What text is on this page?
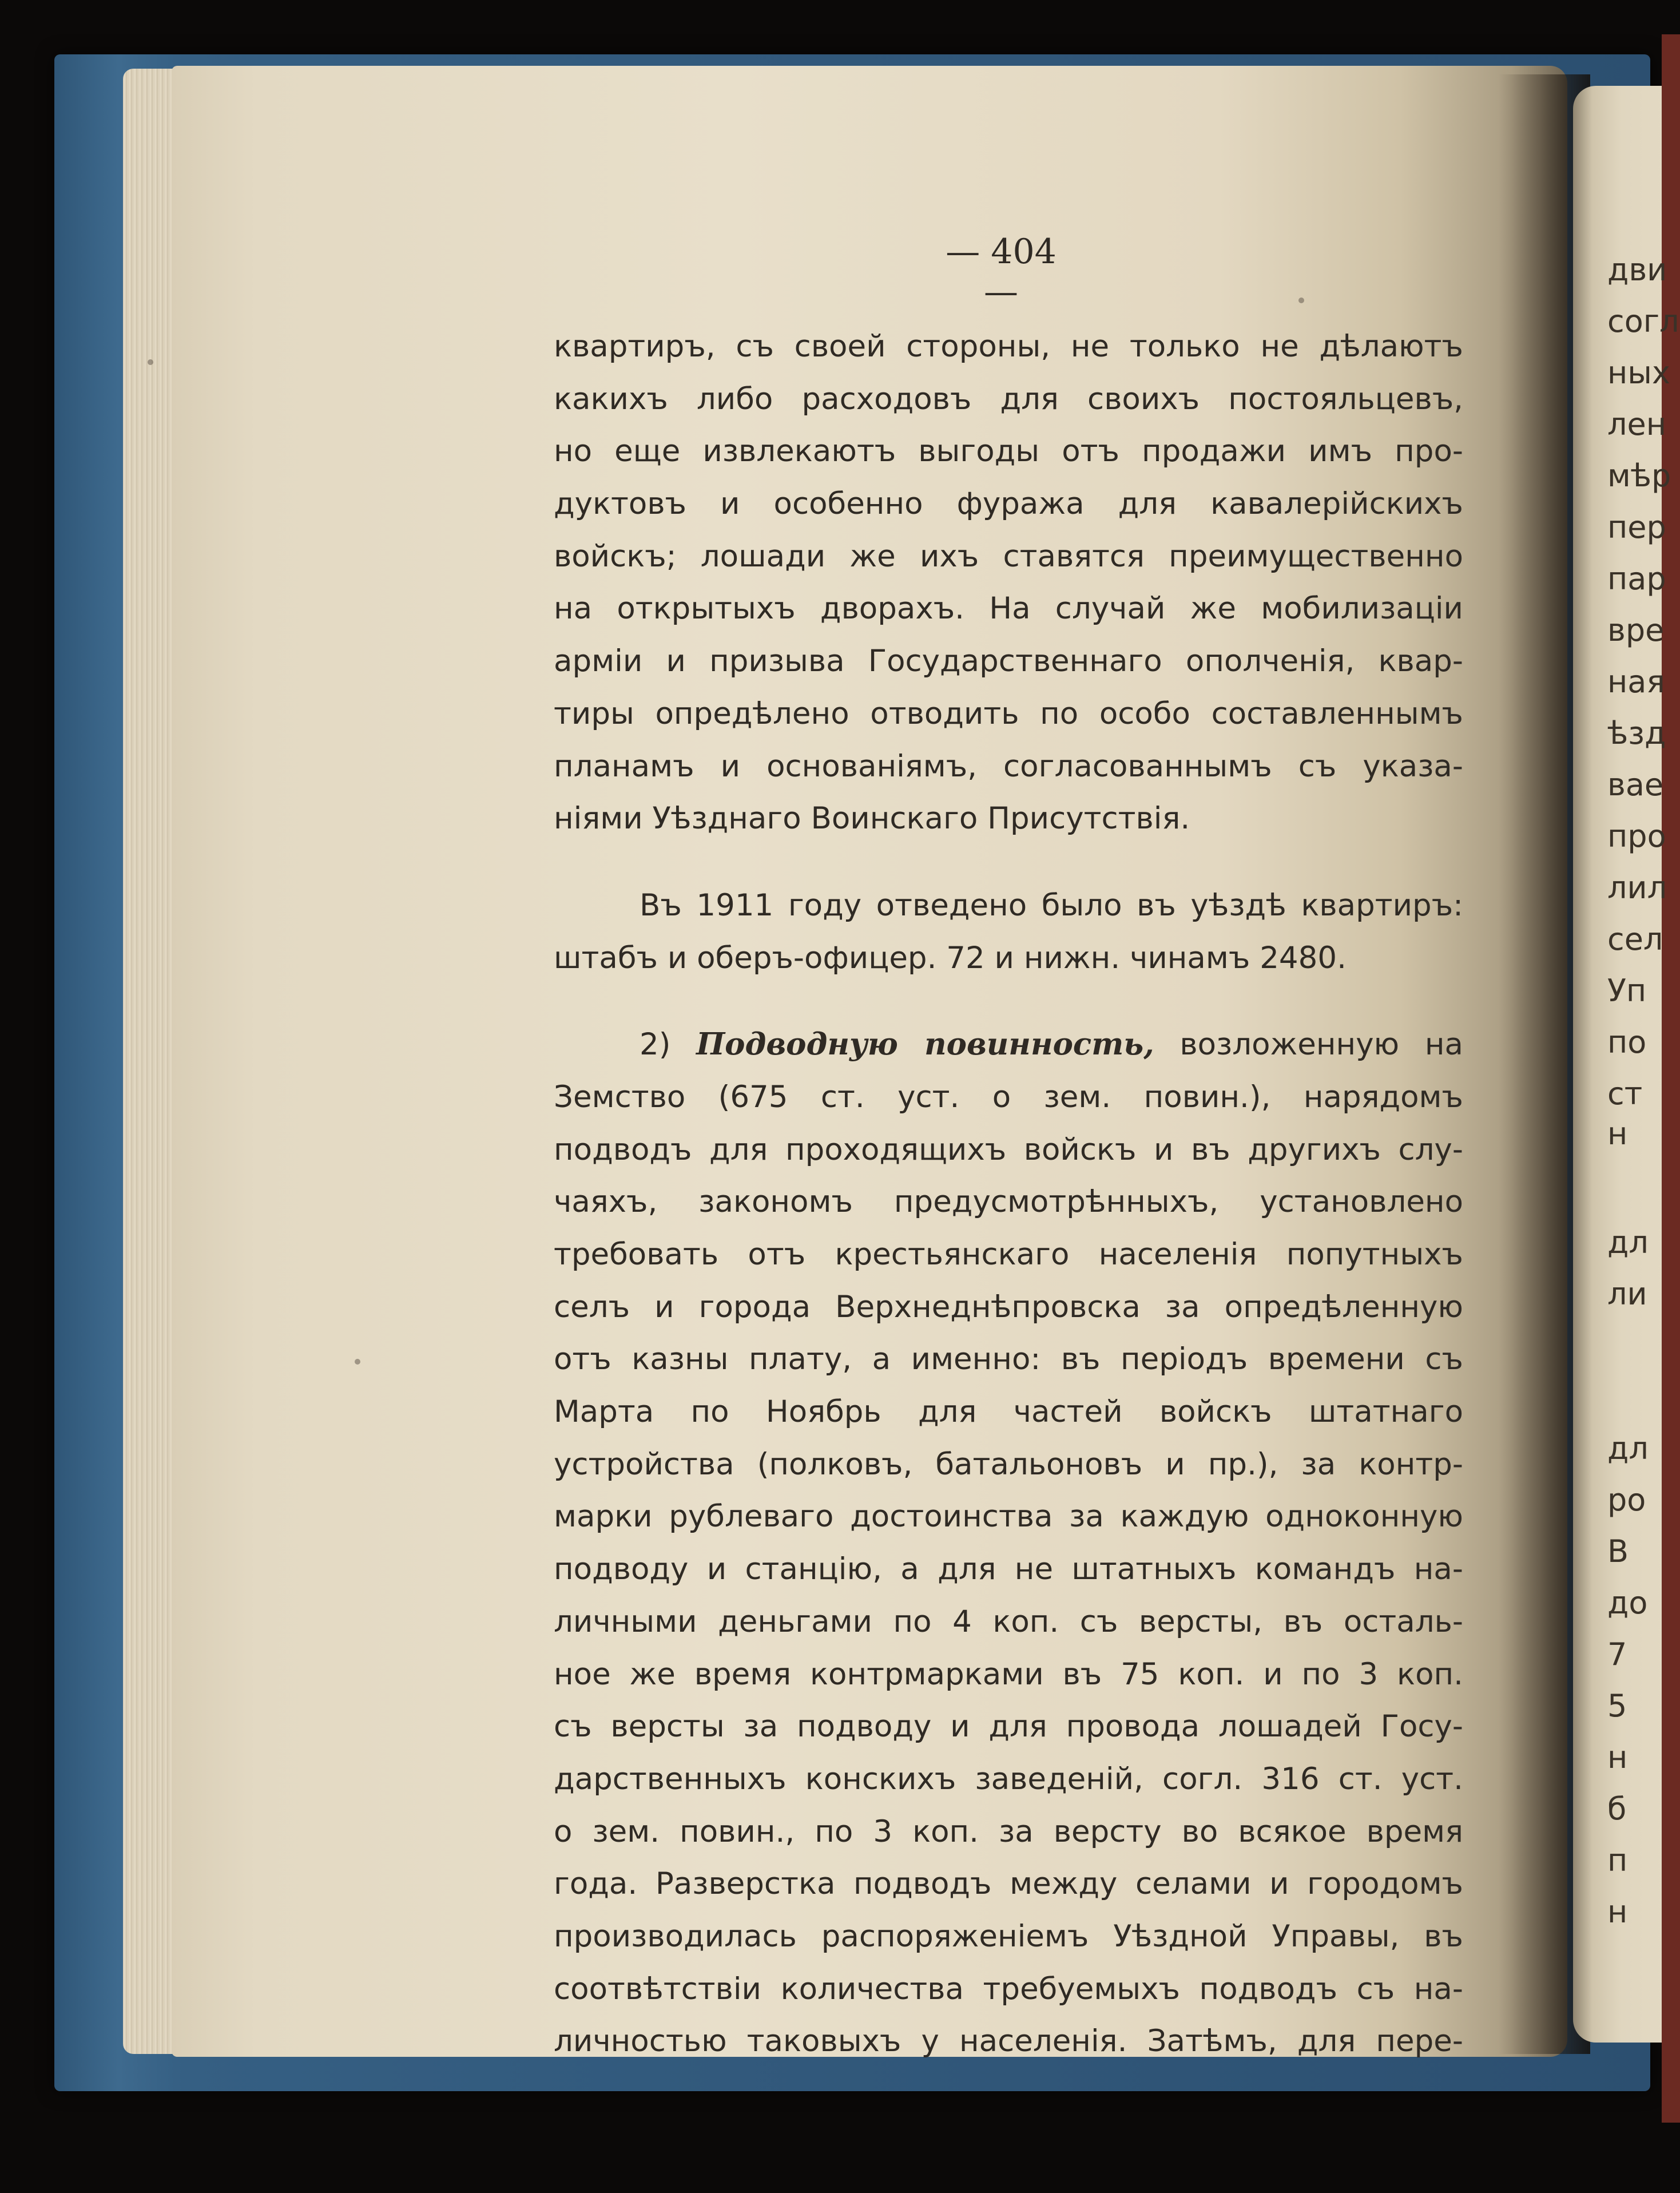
— 404 —
квартиръ, съ своей стороны, не только не дѣлаютъ
какихъ либо расходовъ для своихъ постояльцевъ,
но еще извлекаютъ выгоды отъ продажи имъ про-
дуктовъ и особенно фуража для кавалерійскихъ
войскъ; лошади же ихъ ставятся преимущественно
на открытыхъ дворахъ. На случай же мобилизаціи
арміи и призыва Государственнаго ополченія, квар-
тиры опредѣлено отводить по особо составленнымъ
планамъ и основаніямъ, согласованнымъ съ указа-
ніями Уѣзднаго Воинскаго Присутствія.
Въ 1911 году отведено было въ уѣздѣ квартиръ:
штабъ и оберъ-офицер. 72 и нижн. чинамъ 2480.
2) Подводную повинность, возложенную на
Земство (675 ст. уст. о зем. повин.), нарядомъ
подводъ для проходящихъ войскъ и въ другихъ слу-
чаяхъ, закономъ предусмотрѣнныхъ, установлено
требовать отъ крестьянскаго населенія попутныхъ
селъ и города Верхнеднѣпровска за опредѣленную
отъ казны плату, а именно: въ періодъ времени съ
Марта по Ноябрь для частей войскъ штатнаго
устройства (полковъ, батальоновъ и пр.), за контр-
марки рублеваго достоинства за каждую одноконную
подводу и станцію, а для не штатныхъ командъ на-
личными деньгами по 4 коп. съ версты, въ осталь-
ное же время контрмарками въ 75 коп. и по 3 коп.
съ версты за подводу и для провода лошадей Госу-
дарственныхъ конскихъ заведеній, согл. 316 ст. уст.
о зем. повин., по 3 коп. за версту во всякое время
года. Разверстка подводъ между селами и городомъ
производилась распоряженіемъ Уѣздной Управы, въ
соотвѣтствіи количества требуемыхъ подводъ съ на-
личностью таковыхъ у населенія. Затѣмъ, для пере-
дви
согл
ных
лен
мѣр
пер
пар
вре
ная
ѣзд
вае
про
лил
сел
Уп
по
ст
н
дл
ли
дл
ро
В
до
7
5
н
б
п
н
